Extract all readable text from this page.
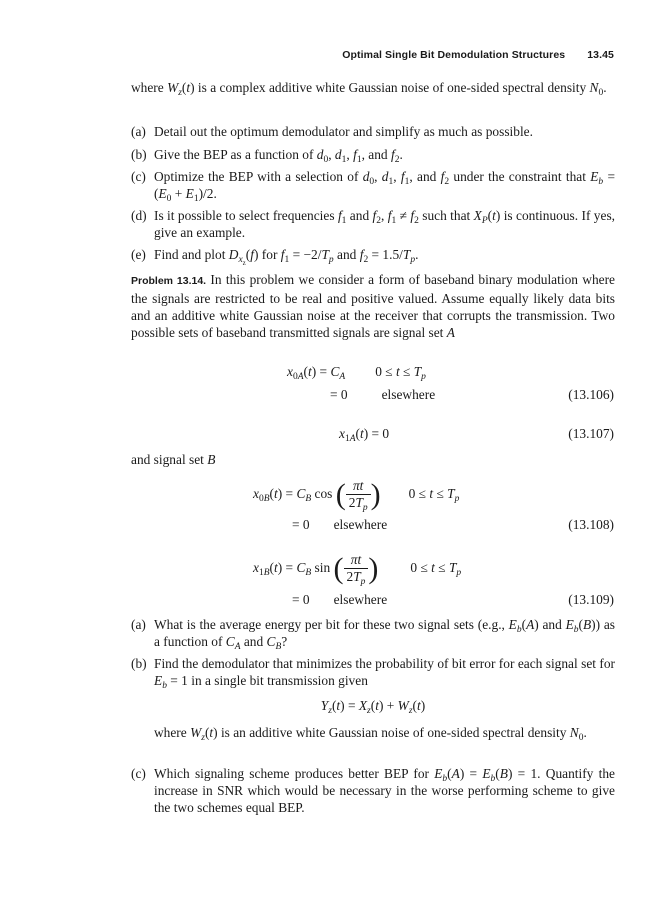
Optimal Single Bit Demodulation Structures 13.45
where $W_z(t)$ is a complex additive white Gaussian noise of one-sided spectral density $N_0$.
(a) Detail out the optimum demodulator and simplify as much as possible.
(b) Give the BEP as a function of $d_0$, $d_1$, $f_1$, and $f_2$.
(c) Optimize the BEP with a selection of $d_0$, $d_1$, $f_1$, and $f_2$ under the constraint that $E_b = (E_0 + E_1)/2$.
(d) Is it possible to select frequencies $f_1$ and $f_2$, $f_1 \ne f_2$ such that $X_P(t)$ is continuous. If yes, give an example.
(e) Find and plot $D_{x_z}(f)$ for $f_1 = -2/T_p$ and $f_2 = 1.5/T_p$.
Problem 13.14. In this problem we consider a form of baseband binary modulation where the signals are restricted to be real and positive valued. Assume equally likely data bits and an additive white Gaussian noise at the receiver that corrupts the transmission. Two possible sets of baseband transmitted signals are signal set A
$x_{0A}(t) = C_A$ $0 \le t \le T_p$
= 0	elsewhere	(13.106)
$x_{1A}(t) = 0$	(13.107)
and signal set B
$x_{0B}(t) = C_B$ cos ( $\frac{\pi t}{2T_p}$ ) $0 \le t \le T_p$
= 0 elsewhere	(13.108)
$x_{1B}(t) = C_B$ sin ( $\frac{\pi t}{2T_p}$ ) $0 \le t \le T_p$
= 0 elsewhere	(13.109)
(a) What is the average energy per bit for these two signal sets (e.g., $E_b(A)$ and $E_b(B)$) as a function of $C_A$ and $C_B$?
(b) Find the demodulator that minimizes the probability of bit error for each signal set for $E_b = 1$ in a single bit transmission given
$Y_z(t) = X_z(t) + W_z(t)$
where $W_z(t)$ is an additive white Gaussian noise of one-sided spectral density $N_0$.
(c) Which signaling scheme produces better BEP for $E_b(A) = E_b(B) = 1$. Quantify the increase in SNR which would be necessary in the worse performing scheme to give the two schemes equal BEP.
